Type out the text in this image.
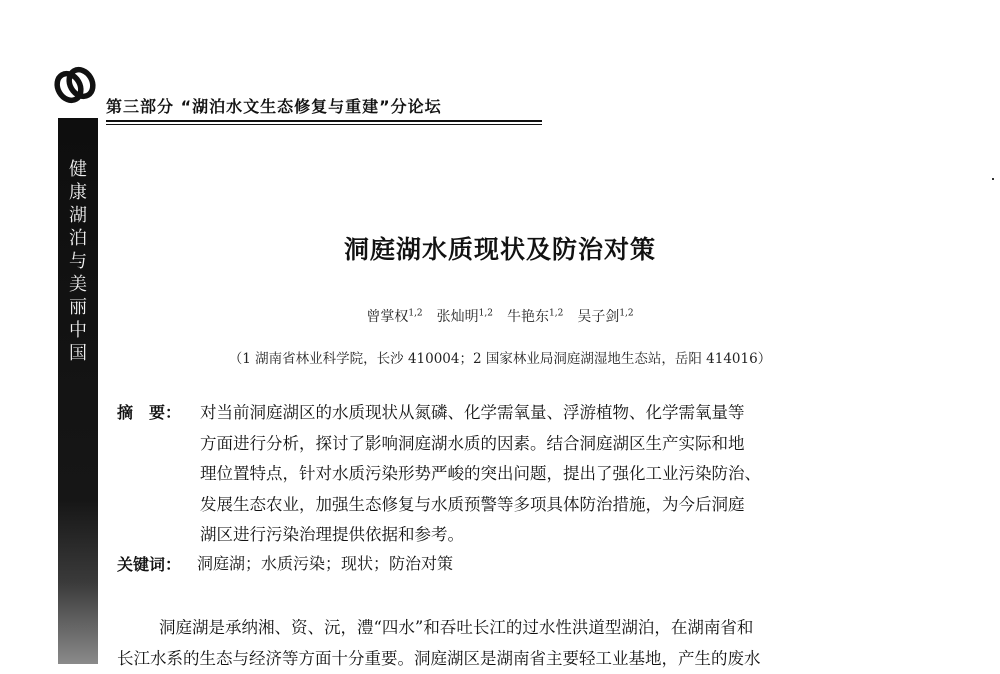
第三部分 “湖泊水文生态修复与重建”分论坛
健
康
湖
泊
与
美
丽
中
国
洞庭湖水质现状及防治对策
曾掌权$^{1,2}$　 张灿明$^{1,2}$　 牛艳东$^{1,2}$　 吴子剑$^{1,2}$
（1 湖南省林业科学院，长沙 410004；2 国家林业局洞庭湖湿地生态站，岳阳 414016）
摘　要： 对当前洞庭湖区的水质现状从氮磷、化学需氧量、浮游植物、化学需氧量等
方面进行分析，探讨了影响洞庭湖水质的因素。结合洞庭湖区生产实际和地
理位置特点，针对水质污染形势严峻的突出问题，提出了强化工业污染防治、
发展生态农业，加强生态修复与水质预警等多项具体防治措施，为今后洞庭
湖区进行污染治理提供依据和参考。
关键词： 洞庭湖；水质污染；现状；防治对策
洞庭湖是承纳湘、资、沅，澧“四水”和吞吐长江的过水性洪道型湖泊，在湖南省和
长江水系的生态与经济等方面十分重要。洞庭湖区是湖南省主要轻工业基地，产生的废水
